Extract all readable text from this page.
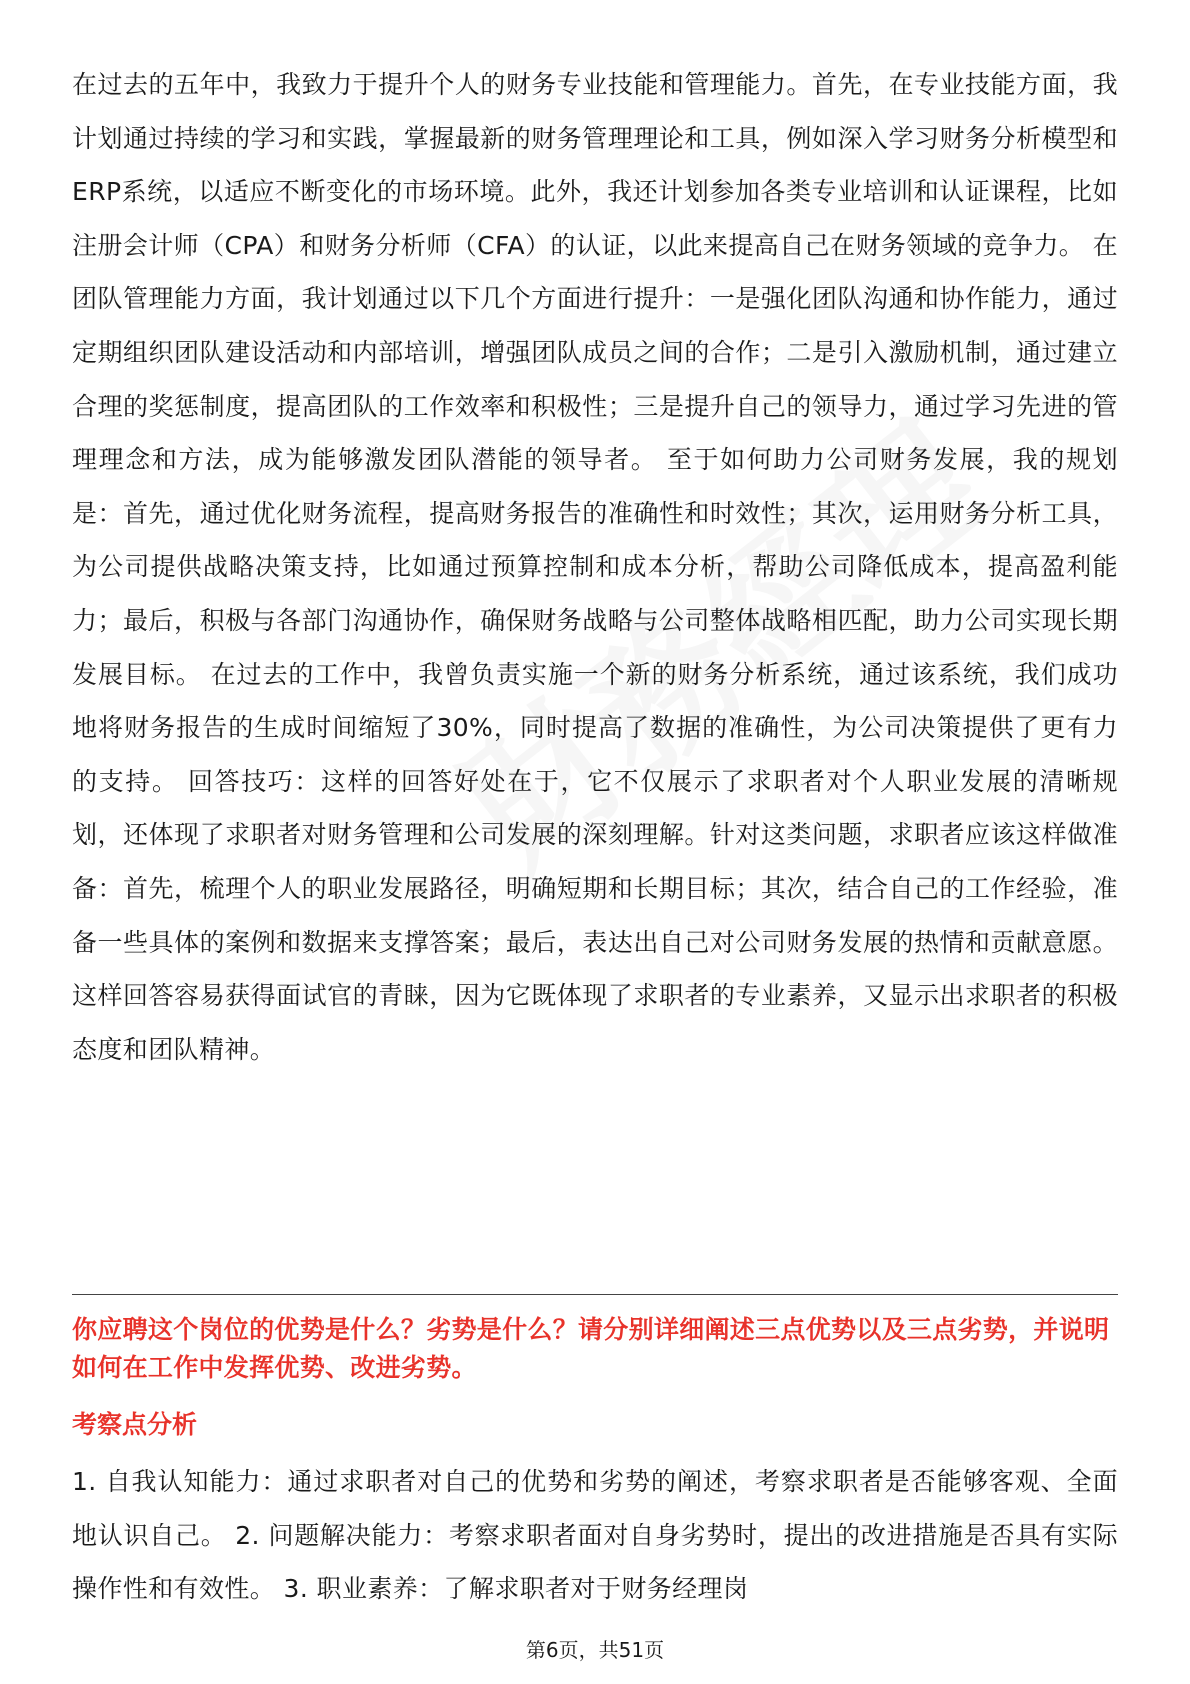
在过去的五年中，我致力于提升个人的财务专业技能和管理能力。首先，在专业技能方面，我计划通过持续的学习和实践，掌握最新的财务管理理论和工具，例如深入学习财务分析模型和ERP系统，以适应不断变化的市场环境。此外，我还计划参加各类专业培训和认证课程，比如注册会计师（CPA）和财务分析师（CFA）的认证，以此来提高自己在财务领域的竞争力。 在团队管理能力方面，我计划通过以下几个方面进行提升：一是强化团队沟通和协作能力，通过定期组织团队建设活动和内部培训，增强团队成员之间的合作；二是引入激励机制，通过建立合理的奖惩制度，提高团队的工作效率和积极性；三是提升自己的领导力，通过学习先进的管理理念和方法，成为能够激发团队潜能的领导者。 至于如何助力公司财务发展，我的规划是：首先，通过优化财务流程，提高财务报告的准确性和时效性；其次，运用财务分析工具，为公司提供战略决策支持，比如通过预算控制和成本分析，帮助公司降低成本，提高盈利能力；最后，积极与各部门沟通协作，确保财务战略与公司整体战略相匹配，助力公司实现长期发展目标。 在过去的工作中，我曾负责实施一个新的财务分析系统，通过该系统，我们成功地将财务报告的生成时间缩短了30%，同时提高了数据的准确性，为公司决策提供了更有力的支持。 回答技巧：这样的回答好处在于，它不仅展示了求职者对个人职业发展的清晰规划，还体现了求职者对财务管理和公司发展的深刻理解。针对这类问题，求职者应该这样做准备：首先，梳理个人的职业发展路径，明确短期和长期目标；其次，结合自己的工作经验，准备一些具体的案例和数据来支撑答案；最后，表达出自己对公司财务发展的热情和贡献意愿。这样回答容易获得面试官的青睐，因为它既体现了求职者的专业素养，又显示出求职者的积极态度和团队精神。

你应聘这个岗位的优势是什么？劣势是什么？请分别详细阐述三点优势以及三点劣势，并说明如何在工作中发挥优势、改进劣势。

考察点分析

1. 自我认知能力：通过求职者对自己的优势和劣势的阐述，考察求职者是否能够客观、全面地认识自己。 2. 问题解决能力：考察求职者面对自身劣势时，提出的改进措施是否具有实际操作性和有效性。 3. 职业素养：了解求职者对于财务经理岗

第6页，共51页
